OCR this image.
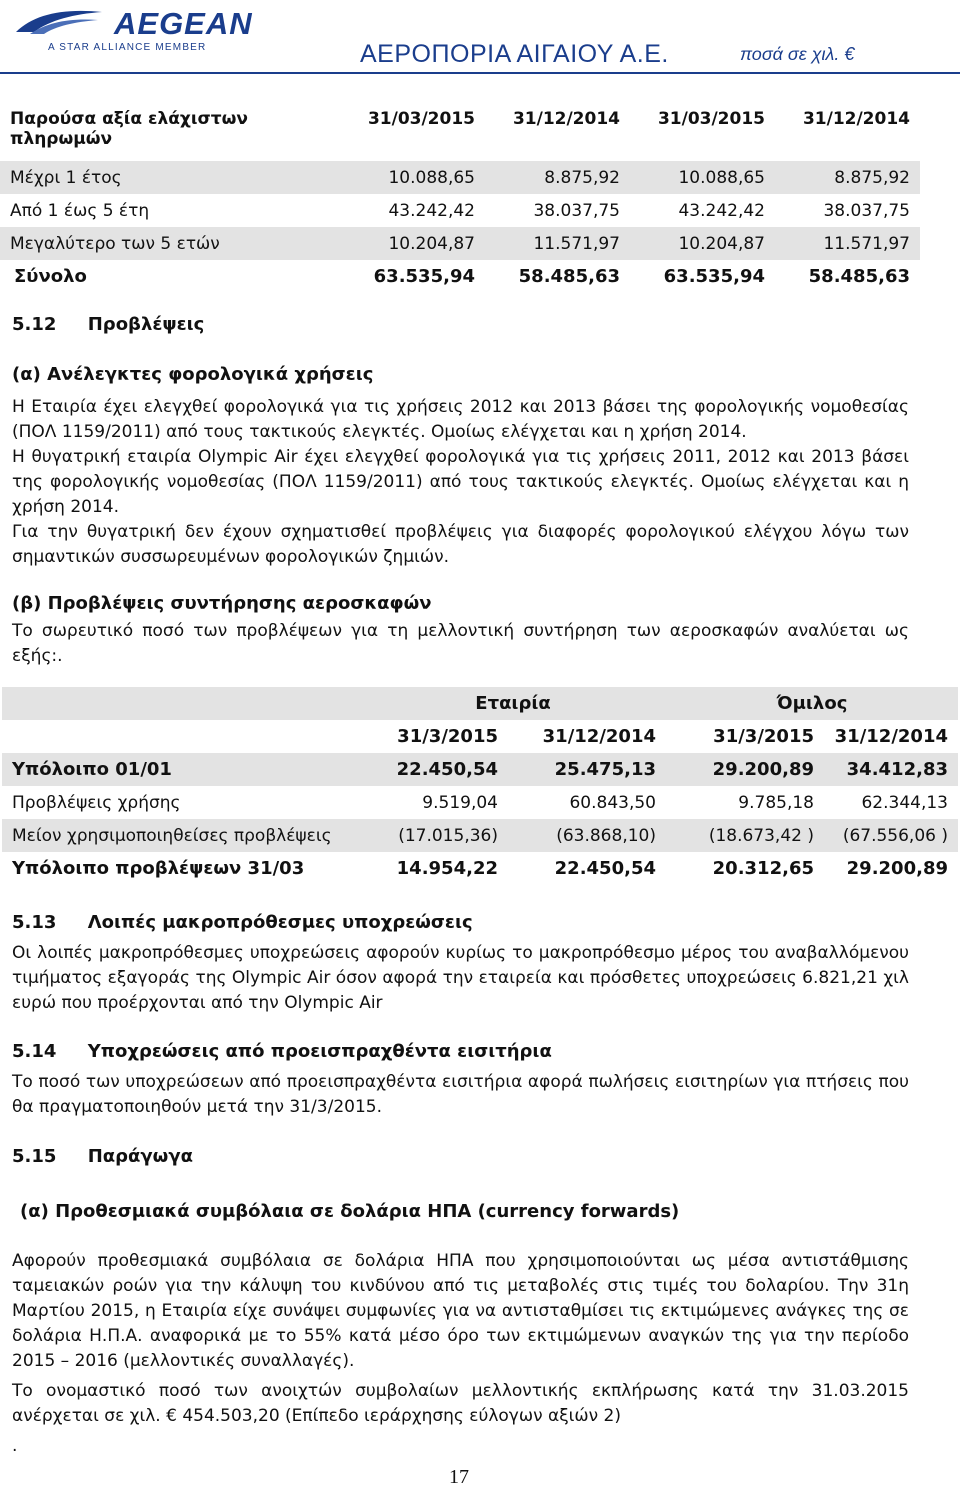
AEGEAN
A STAR ALLIANCE MEMBER	ΑΕΡΟΠΟΡΙΑ ΑΙΓΑΙΟΥ Α.Ε.	ποσά σε χιλ. €
Παρούσα αξία ελάχιστων πληρωμών	31/03/2015	31/12/2014	31/03/2015	31/12/2014
Μέχρι 1 έτος	10.088,65	8.875,92	10.088,65	8.875,92
Από 1 έως 5 έτη	43.242,42	38.037,75	43.242,42	38.037,75
Μεγαλύτερο των 5 ετών	10.204,87	11.571,97	10.204,87	11.571,97
Σύνολο	63.535,94	58.485,63	63.535,94	58.485,63
5.12     Προβλέψεις
(α) Ανέλεγκτες φορολογικά χρήσεις
Η Εταιρία έχει ελεγχθεί φορολογικά για τις χρήσεις 2012 και 2013 βάσει της φορολογικής νομοθεσίας (ΠΟΛ 1159/2011) από τους τακτικούς ελεγκτές. Ομοίως ελέγχεται και η χρήση 2014.
Η θυγατρική εταιρία Olympic Air έχει ελεγχθεί φορολογικά για τις χρήσεις 2011, 2012 και 2013 βάσει της φορολογικής νομοθεσίας (ΠΟΛ 1159/2011) από τους τακτικούς ελεγκτές. Ομοίως ελέγχεται και η χρήση 2014.
Για την θυγατρική δεν έχουν σχηματισθεί προβλέψεις για διαφορές φορολογικού ελέγχου λόγω των σημαντικών συσσωρευμένων φορολογικών ζημιών.
(β) Προβλέψεις συντήρησης αεροσκαφών
Το σωρευτικό ποσό των προβλέψεων για τη μελλοντική συντήρηση των αεροσκαφών αναλύεται ως εξής:.
	Εταιρία		Όμιλος	
	31/3/2015	31/12/2014	31/3/2015	31/12/2014
Υπόλοιπο 01/01	22.450,54	25.475,13	29.200,89	34.412,83
Προβλέψεις χρήσης	9.519,04	60.843,50	9.785,18	62.344,13
Μείον χρησιμοποιηθείσες προβλέψεις	(17.015,36)	(63.868,10)	(18.673,42 )	(67.556,06 )
Υπόλοιπο προβλέψεων 31/03	14.954,22	22.450,54	20.312,65	29.200,89
5.13     Λοιπές μακροπρόθεσμες υποχρεώσεις
Οι λοιπές μακροπρόθεσμες υποχρεώσεις αφορούν κυρίως το μακροπρόθεσμο μέρος του αναβαλλόμενου τιμήματος εξαγοράς της Olympic Air όσον αφορά την εταιρεία και πρόσθετες υποχρεώσεις 6.821,21 χιλ ευρώ που προέρχονται από την Olympic Air
5.14     Υποχρεώσεις από προεισπραχθέντα εισιτήρια
Το ποσό των υποχρεώσεων από προεισπραχθέντα εισιτήρια αφορά πωλήσεις εισιτηρίων για πτήσεις που θα πραγματοποιηθούν μετά την 31/3/2015.
5.15     Παράγωγα
(α) Προθεσμιακά συμβόλαια σε δολάρια ΗΠΑ (currency forwards)
Αφορούν προθεσμιακά συμβόλαια σε δολάρια ΗΠΑ που χρησιμοποιούνται ως μέσα αντιστάθμισης ταμειακών ροών για την κάλυψη του κινδύνου από τις μεταβολές στις τιμές του δολαρίου. Την 31η Μαρτίου 2015, η Εταιρία είχε συνάψει συμφωνίες για να αντισταθμίσει τις εκτιμώμενες ανάγκες της σε δολάρια Η.Π.Α. αναφορικά με το 55% κατά μέσο όρο των εκτιμώμενων αναγκών της για την περίοδο 2015 – 2016 (μελλοντικές συναλλαγές).
Το ονομαστικό ποσό των ανοιχτών συμβολαίων μελλοντικής εκπλήρωσης κατά την 31.03.2015 ανέρχεται σε χιλ. € 454.503,20 (Επίπεδο ιεράρχησης εύλογων αξιών 2)
.
17
